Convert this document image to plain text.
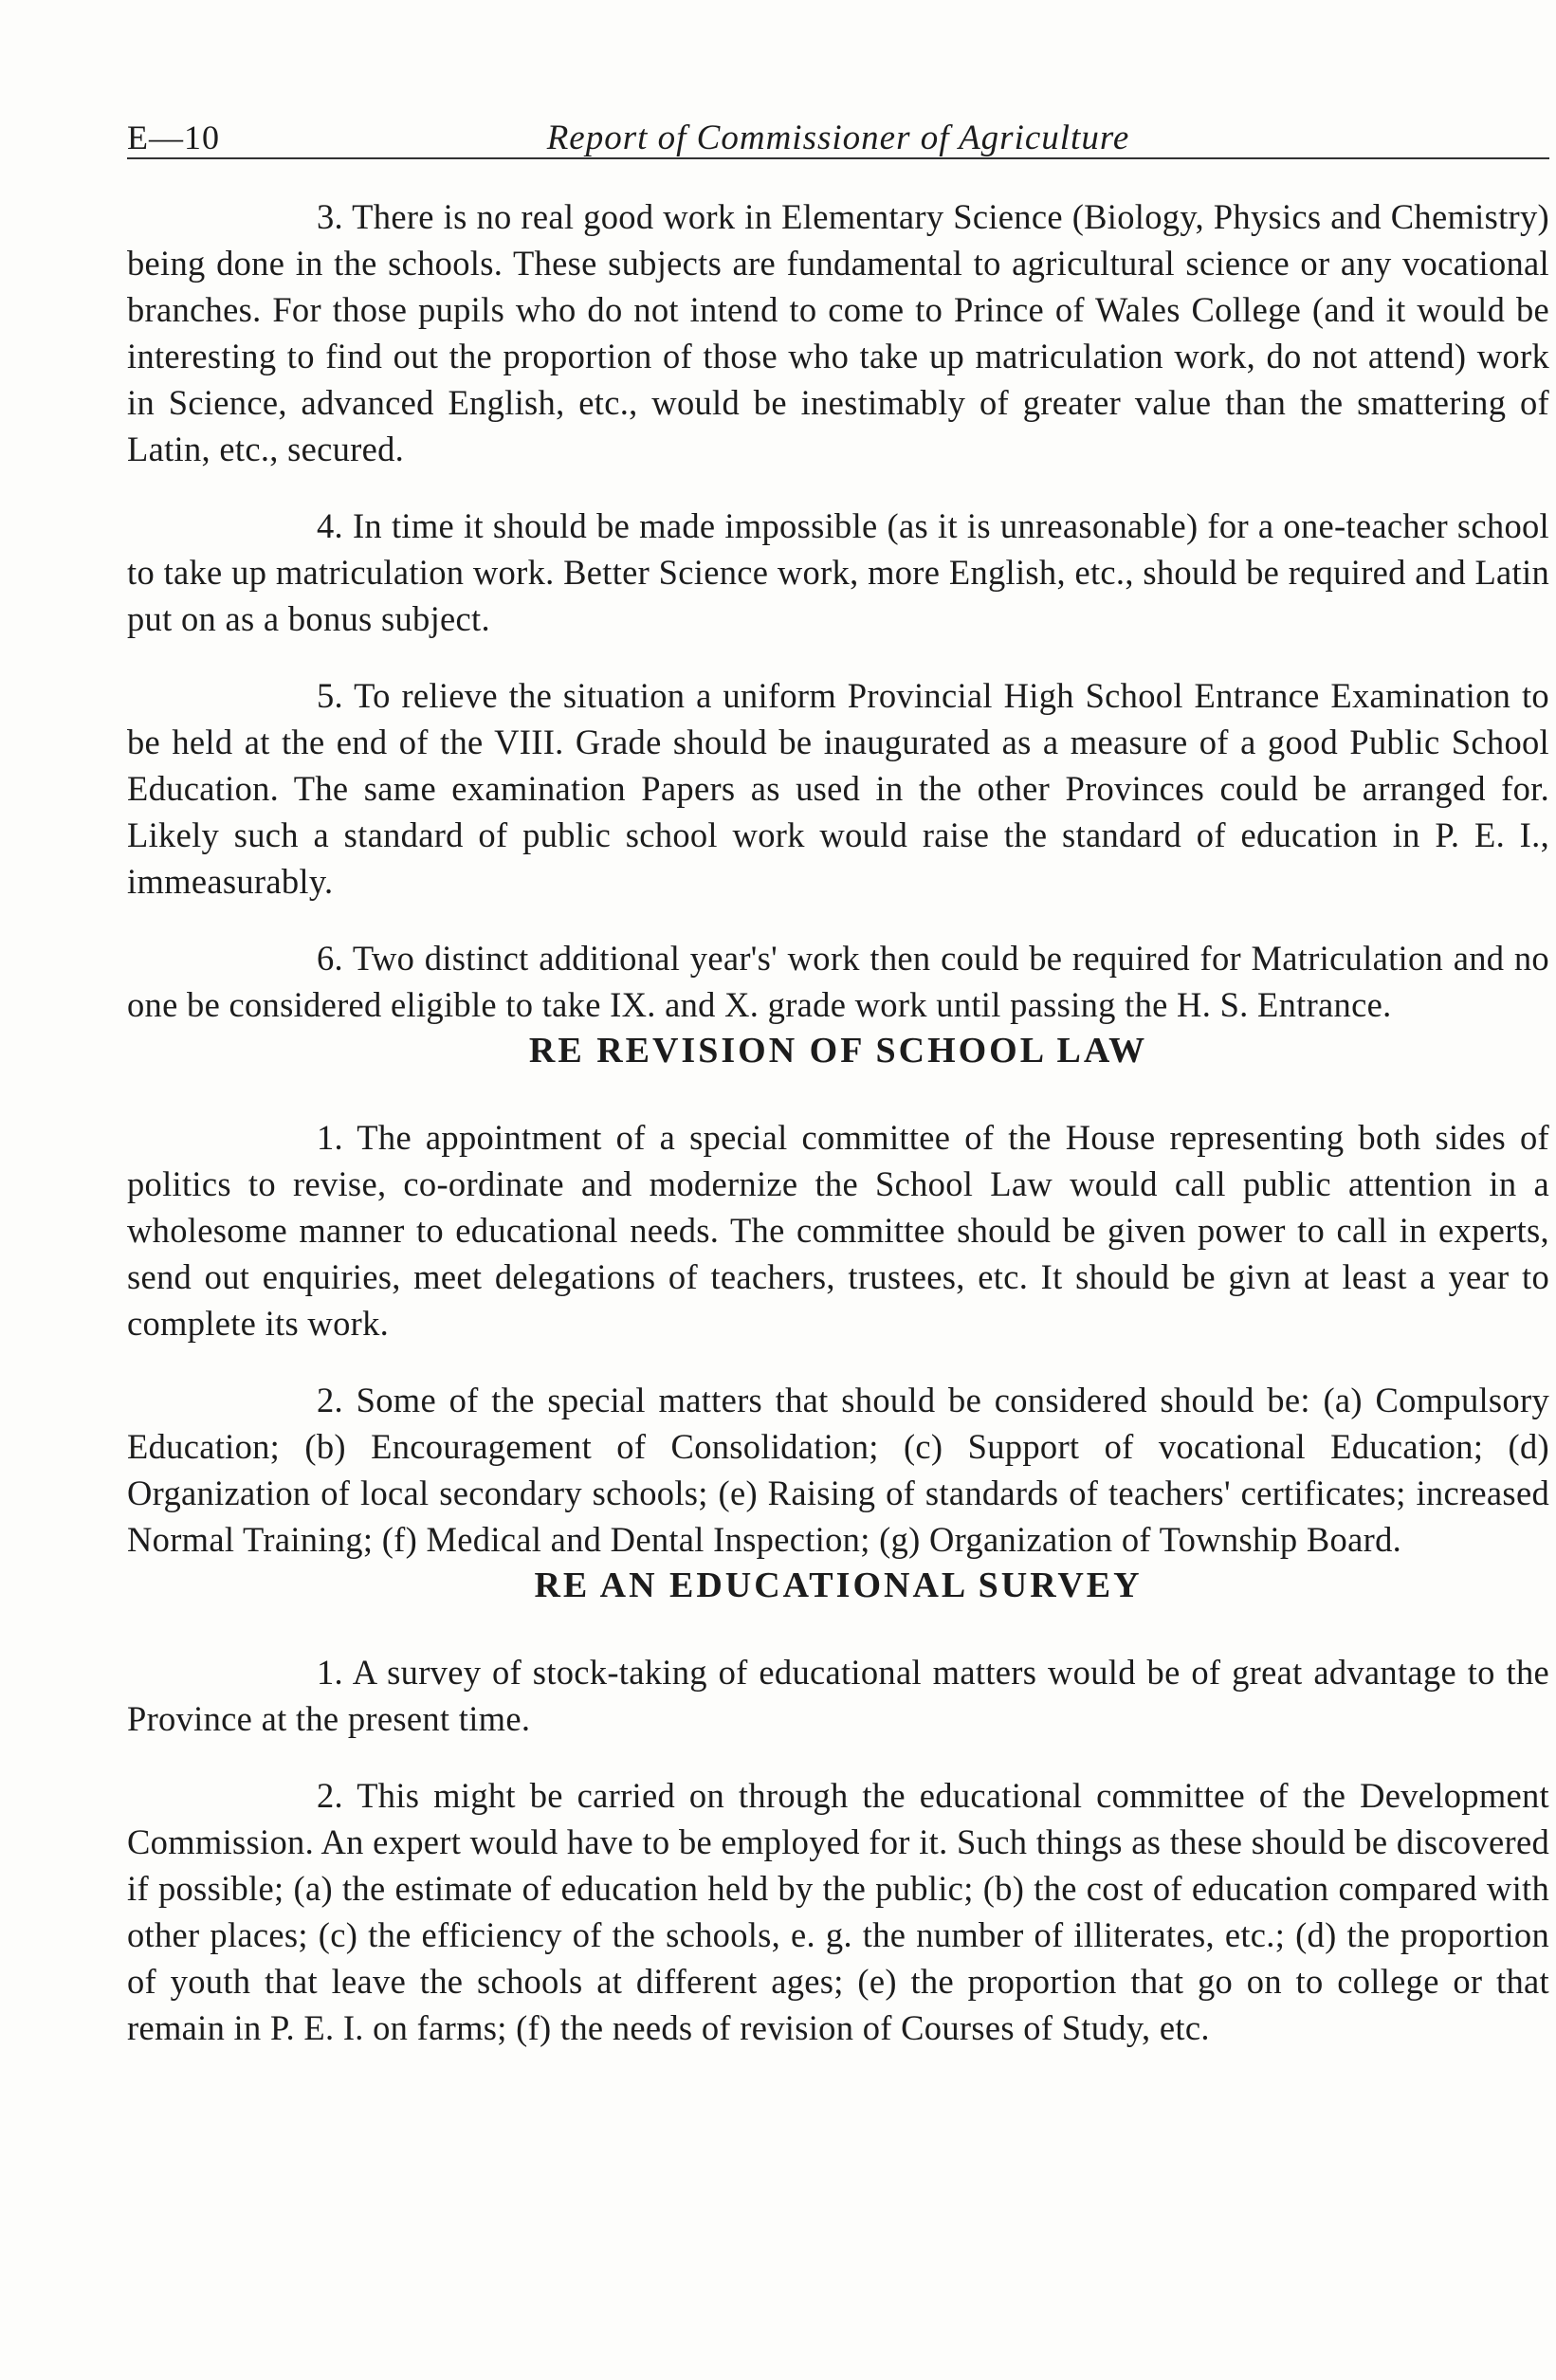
E—10	Report of Commissioner of Agriculture

3. There is no real good work in Elementary Science (Biology, Physics and Chemistry) being done in the schools. These subjects are fundamental to agricultural science or any vocational branches. For those pupils who do not intend to come to Prince of Wales College (and it would be interesting to find out the proportion of those who take up matriculation work, do not attend) work in Science, advanced English, etc., would be inestimably of greater value than the smattering of Latin, etc., secured.

4. In time it should be made impossible (as it is unreasonable) for a one-teacher school to take up matriculation work. Better Science work, more English, etc., should be required and Latin put on as a bonus subject.

5. To relieve the situation a uniform Provincial High School Entrance Examination to be held at the end of the VIII. Grade should be inaugurated as a measure of a good Public School Education. The same examination Papers as used in the other Provinces could be arranged for. Likely such a standard of public school work would raise the standard of education in P. E. I., immeasurably.

6. Two distinct additional year's' work then could be required for Matriculation and no one be considered eligible to take IX. and X. grade work until passing the H. S. Entrance.

RE REVISION OF SCHOOL LAW

1. The appointment of a special committee of the House representing both sides of politics to revise, co-ordinate and modernize the School Law would call public attention in a wholesome manner to educational needs. The committee should be given power to call in experts, send out enquiries, meet delegations of teachers, trustees, etc. It should be givn at least a year to complete its work.

2. Some of the special matters that should be considered should be: (a) Compulsory Education; (b) Encouragement of Consolidation; (c) Support of vocational Education; (d) Organization of local secondary schools; (e) Raising of standards of teachers' certificates; increased Normal Training; (f) Medical and Dental Inspection; (g) Organization of Township Board.

RE AN EDUCATIONAL SURVEY

1. A survey of stock-taking of educational matters would be of great advantage to the Province at the present time.

2. This might be carried on through the educational committee of the Development Commission. An expert would have to be employed for it. Such things as these should be discovered if possible; (a) the estimate of education held by the public; (b) the cost of education compared with other places; (c) the efficiency of the schools, e. g. the number of illiterates, etc.; (d) the proportion of youth that leave the schools at different ages; (e) the proportion that go on to college or that remain in P. E. I. on farms; (f) the needs of revision of Courses of Study, etc.
